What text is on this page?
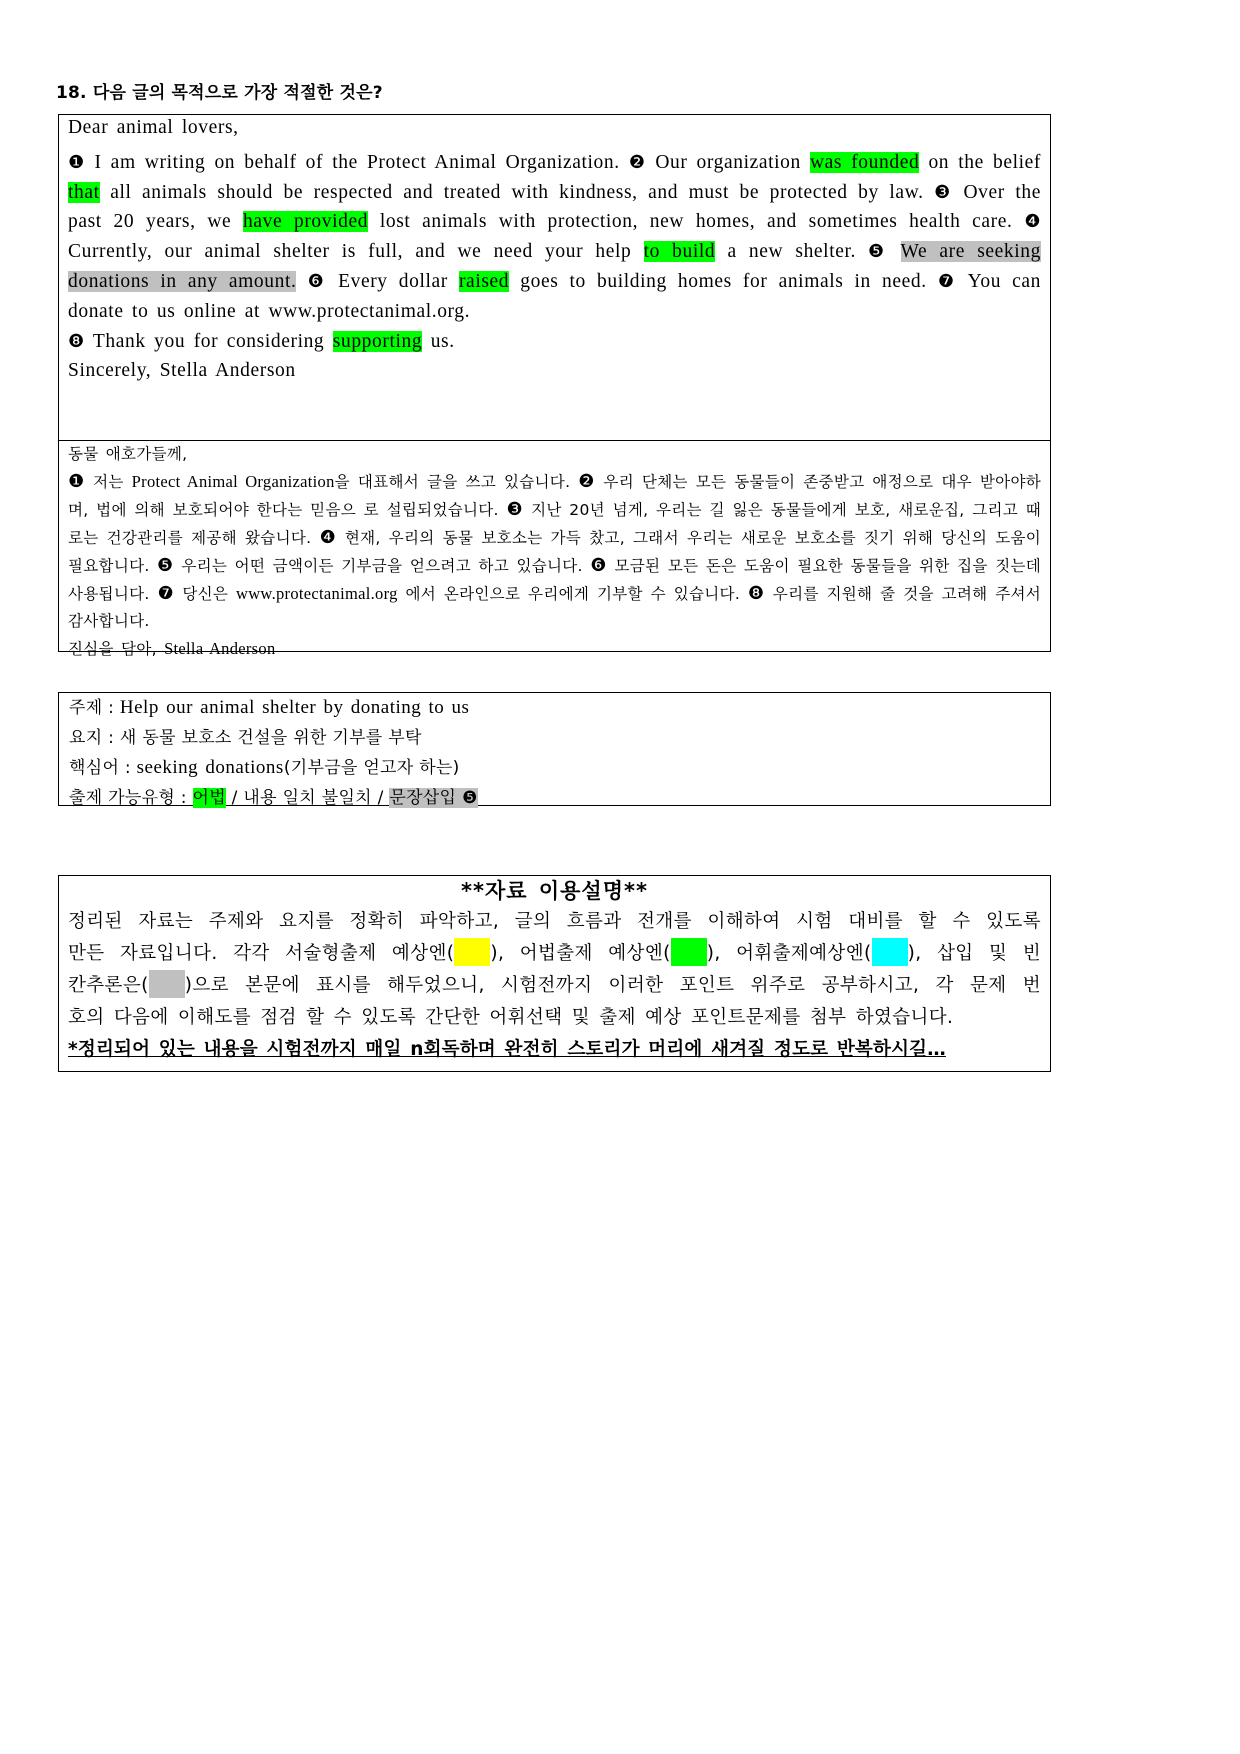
18. 다음 글의 목적으로 가장 적절한 것은?
Dear animal lovers,
❶ I am writing on behalf of the Protect Animal Organization. ❷ Our organization was founded on the belief that all animals should be respected and treated with kindness, and must be protected by law. ❸ Over the past 20 years, we have provided lost animals with protection, new homes, and sometimes health care. ❹ Currently, our animal shelter is full, and we need your help to build a new shelter. ❺ We are seeking donations in any amount. ❻ Every dollar raised goes to building homes for animals in need. ❼ You can donate to us online at www.protectanimal.org.
❽ Thank you for considering supporting us.
Sincerely, Stella Anderson
동물 애호가들께,
❶ 저는 Protect Animal Organization을 대표해서 글을 쓰고 있습니다. ❷ 우리 단체는 모든 동물들이 존중받고 애정으로 대우 받아야하며, 법에 의해 보호되어야 한다는 믿음으 로 설립되었습니다. ❸ 지난 20년 넘게, 우리는 길 잃은 동물들에게 보호, 새로운집, 그리고 때로는 건강관리를 제공해 왔습니다. ❹ 현재, 우리의 동물 보호소는 가득 찼고, 그래서 우리는 새로운 보호소를 짓기 위해 당신의 도움이 필요합니다. ❺ 우리는 어떤 금액이든 기부금을 얻으려고 하고 있습니다. ❻ 모금된 모든 돈은 도움이 필요한 동물들을 위한 집을 짓는데 사용됩니다. ❼ 당신은 www.protectanimal.org 에서 온라인으로 우리에게 기부할 수 있습니다. ❽ 우리를 지원해 줄 것을 고려해 주셔서 감사합니다.
진심을 담아, Stella Anderson
주제 : Help our animal shelter by donating to us
요지 : 새 동물 보호소 건설을 위한 기부를 부탁
핵심어 : seeking donations(기부금을 얻고자 하는)
출제 가능유형 : 어법 / 내용 일치 불일치 / 문장삽입 ❺
**자료 이용설명**
정리된 자료는 주제와 요지를 정확히 파악하고, 글의 흐름과 전개를 이해하여 시험 대비를 할 수 있도록
만든 자료입니다. 각각 서술형출제 예상엔( ), 어법출제 예상엔( ), 어휘출제예상엔( ), 삽입 및 빈
칸추론은( )으로 본문에 표시를 해두었으니, 시험전까지 이러한 포인트 위주로 공부하시고, 각 문제 번
호의 다음에 이해도를 점검 할 수 있도록 간단한 어휘선택 및 출제 예상 포인트문제를 첨부 하였습니다.
*정리되어 있는 내용을 시험전까지 매일 n회독하며 완전히 스토리가 머리에 새겨질 정도로 반복하시길…
